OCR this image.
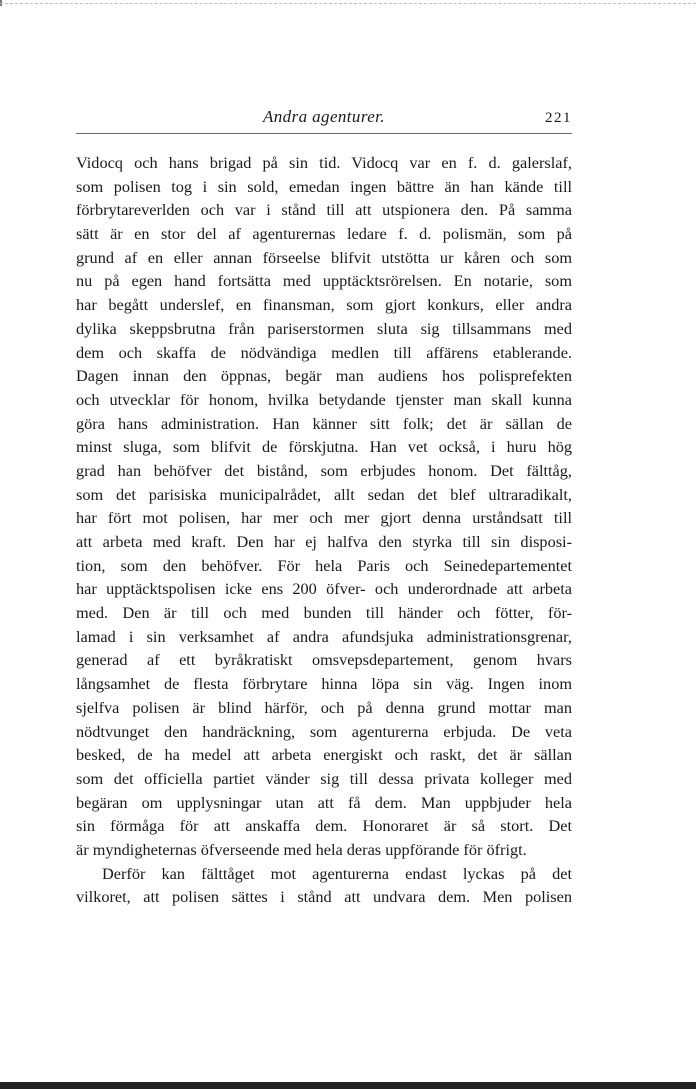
Andra agenturer.	221
Vidocq och hans brigad på sin tid. Vidocq var en f. d. galerslaf,
som polisen tog i sin sold, emedan ingen bättre än han kände till
förbrytareverlden och var i stånd till att utspionera den. På samma
sätt är en stor del af agenturernas ledare f. d. polismän, som på
grund af en eller annan förseelse blifvit utstötta ur kåren och som
nu på egen hand fortsätta med upptäcktsrörelsen. En notarie, som
har begått underslef, en finansman, som gjort konkurs, eller andra
dylika skeppsbrutna från pariserstormen sluta sig tillsammans med
dem och skaffa de nödvändiga medlen till affärens etablerande.
Dagen innan den öppnas, begär man audiens hos polisprefekten
och utvecklar för honom, hvilka betydande tjenster man skall kunna
göra hans administration. Han känner sitt folk; det är sällan de
minst sluga, som blifvit de förskjutna. Han vet också, i huru hög
grad han behöfver det bistånd, som erbjudes honom. Det fälttåg,
som det parisiska municipalrådet, allt sedan det blef ultraradikalt,
har fört mot polisen, har mer och mer gjort denna urståndsatt till
att arbeta med kraft. Den har ej halfva den styrka till sin disposi-
tion, som den behöfver. För hela Paris och Seinedepartementet
har upptäcktspolisen icke ens 200 öfver- och underordnade att arbeta
med. Den är till och med bunden till händer och fötter, för-
lamad i sin verksamhet af andra afundsjuka administrationsgrenar,
generad af ett byråkratiskt omsvepsdepartement, genom hvars
långsamhet de flesta förbrytare hinna löpa sin väg. Ingen inom
sjelfva polisen är blind härför, och på denna grund mottar man
nödtvunget den handräckning, som agenturerna erbjuda. De veta
besked, de ha medel att arbeta energiskt och raskt, det är sällan
som det officiella partiet vänder sig till dessa privata kolleger med
begäran om upplysningar utan att få dem. Man uppbjuder hela
sin förmåga för att anskaffa dem. Honoraret är så stort. Det
är myndigheternas öfverseende med hela deras uppförande för öfrigt.
Derför kan fälttåget mot agenturerna endast lyckas på det
vilkoret, att polisen sättes i stånd att undvara dem. Men polisen
